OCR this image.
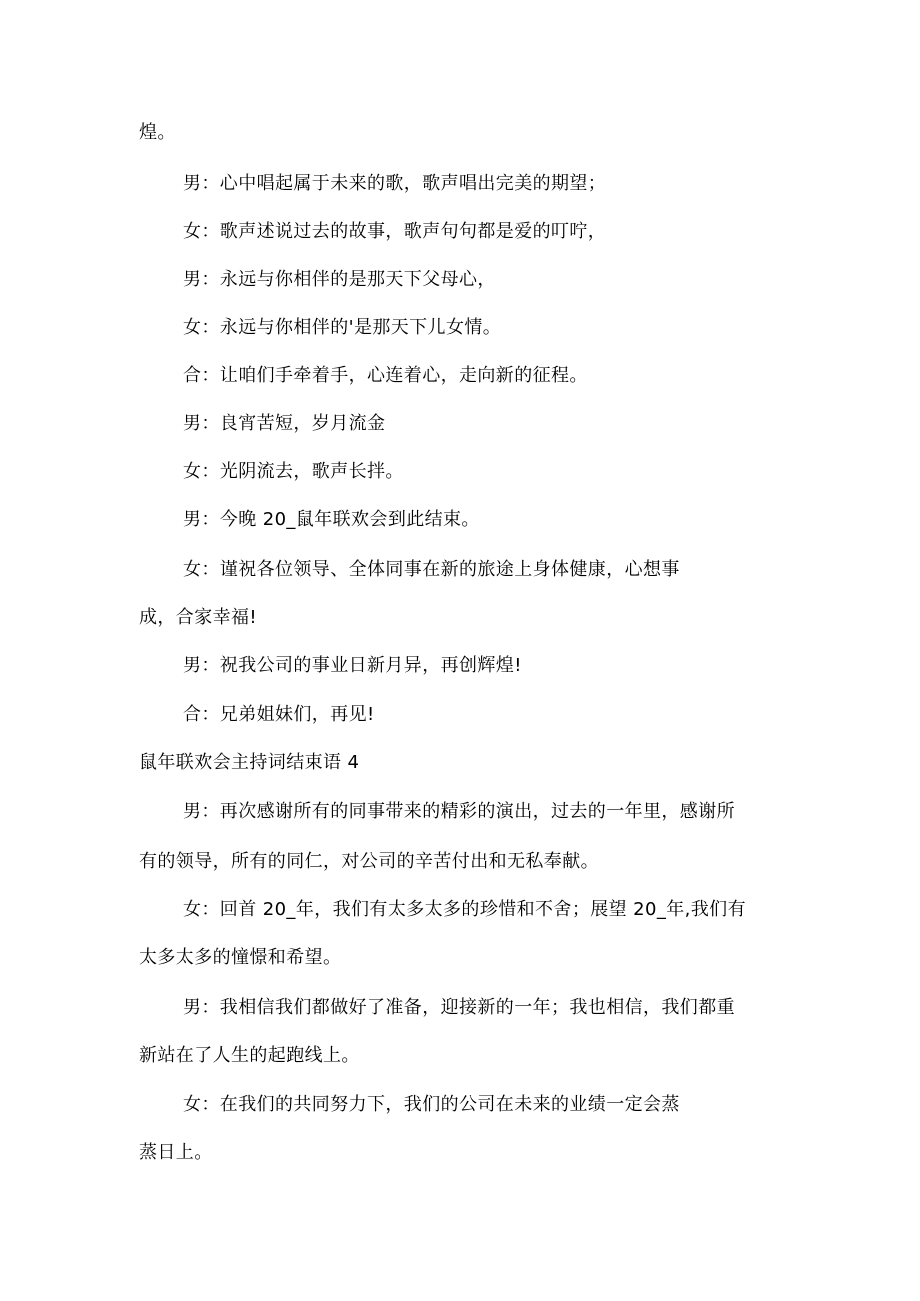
煌。
男：心中唱起属于未来的歌，歌声唱出完美的期望；
女：歌声述说过去的故事，歌声句句都是爱的叮咛，
男：永远与你相伴的是那天下父母心，
女：永远与你相伴的'是那天下儿女情。
合：让咱们手牵着手，心连着心，走向新的征程。
男：良宵苦短，岁月流金
女：光阴流去，歌声长拌。
男：今晚 20_鼠年联欢会到此结束。
女：谨祝各位领导、全体同事在新的旅途上身体健康，心想事
成，合家幸福!
男：祝我公司的事业日新月异，再创辉煌!
合：兄弟姐妹们，再见!
鼠年联欢会主持词结束语 4
男：再次感谢所有的同事带来的精彩的演出，过去的一年里，感谢所
有的领导，所有的同仁，对公司的辛苦付出和无私奉献。
女：回首 20_年，我们有太多太多的珍惜和不舍；展望 20_年,我们有
太多太多的憧憬和希望。
男：我相信我们都做好了准备，迎接新的一年；我也相信，我们都重
新站在了人生的起跑线上。
女：在我们的共同努力下，我们的公司在未来的业绩一定会蒸
蒸日上。
